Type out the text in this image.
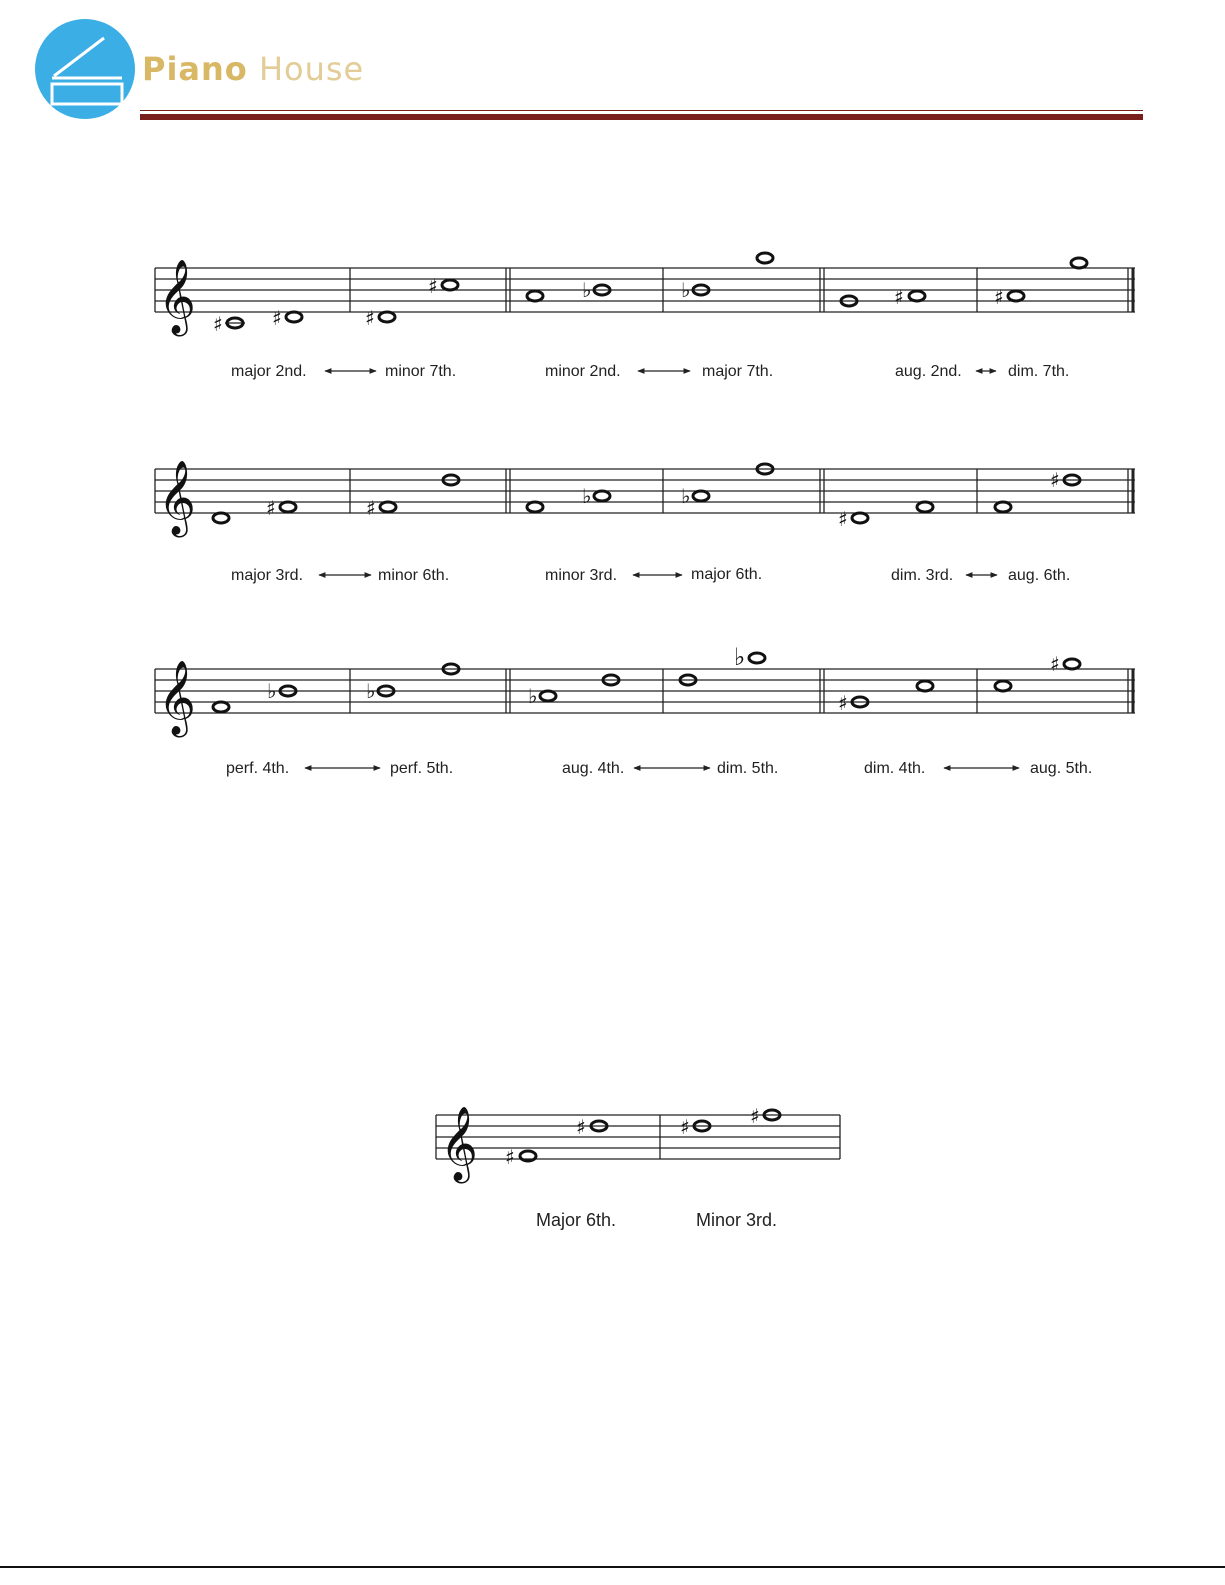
Piano House
𝄞 ♯ ♯	♯
♯	♭	♭	♯	♯
major 2nd.	minor 7th.	minor 2nd.	major 7th.	aug. 2nd.	dim. 7th.
𝄞	♯	♯	♭	♭
♯
♯
major 3rd.	minor 6th.	minor 3rd.	major 6th.	dim. 3rd.	aug. 6th.
𝄞	♭	♭	♭
♭
♯
♯
perf. 4th.	perf. 5th.	aug. 4th.	dim. 5th.	dim. 4th.	aug. 5th.
𝄞 ♯
♯	♯	♯
Major 6th.	Minor 3rd.
